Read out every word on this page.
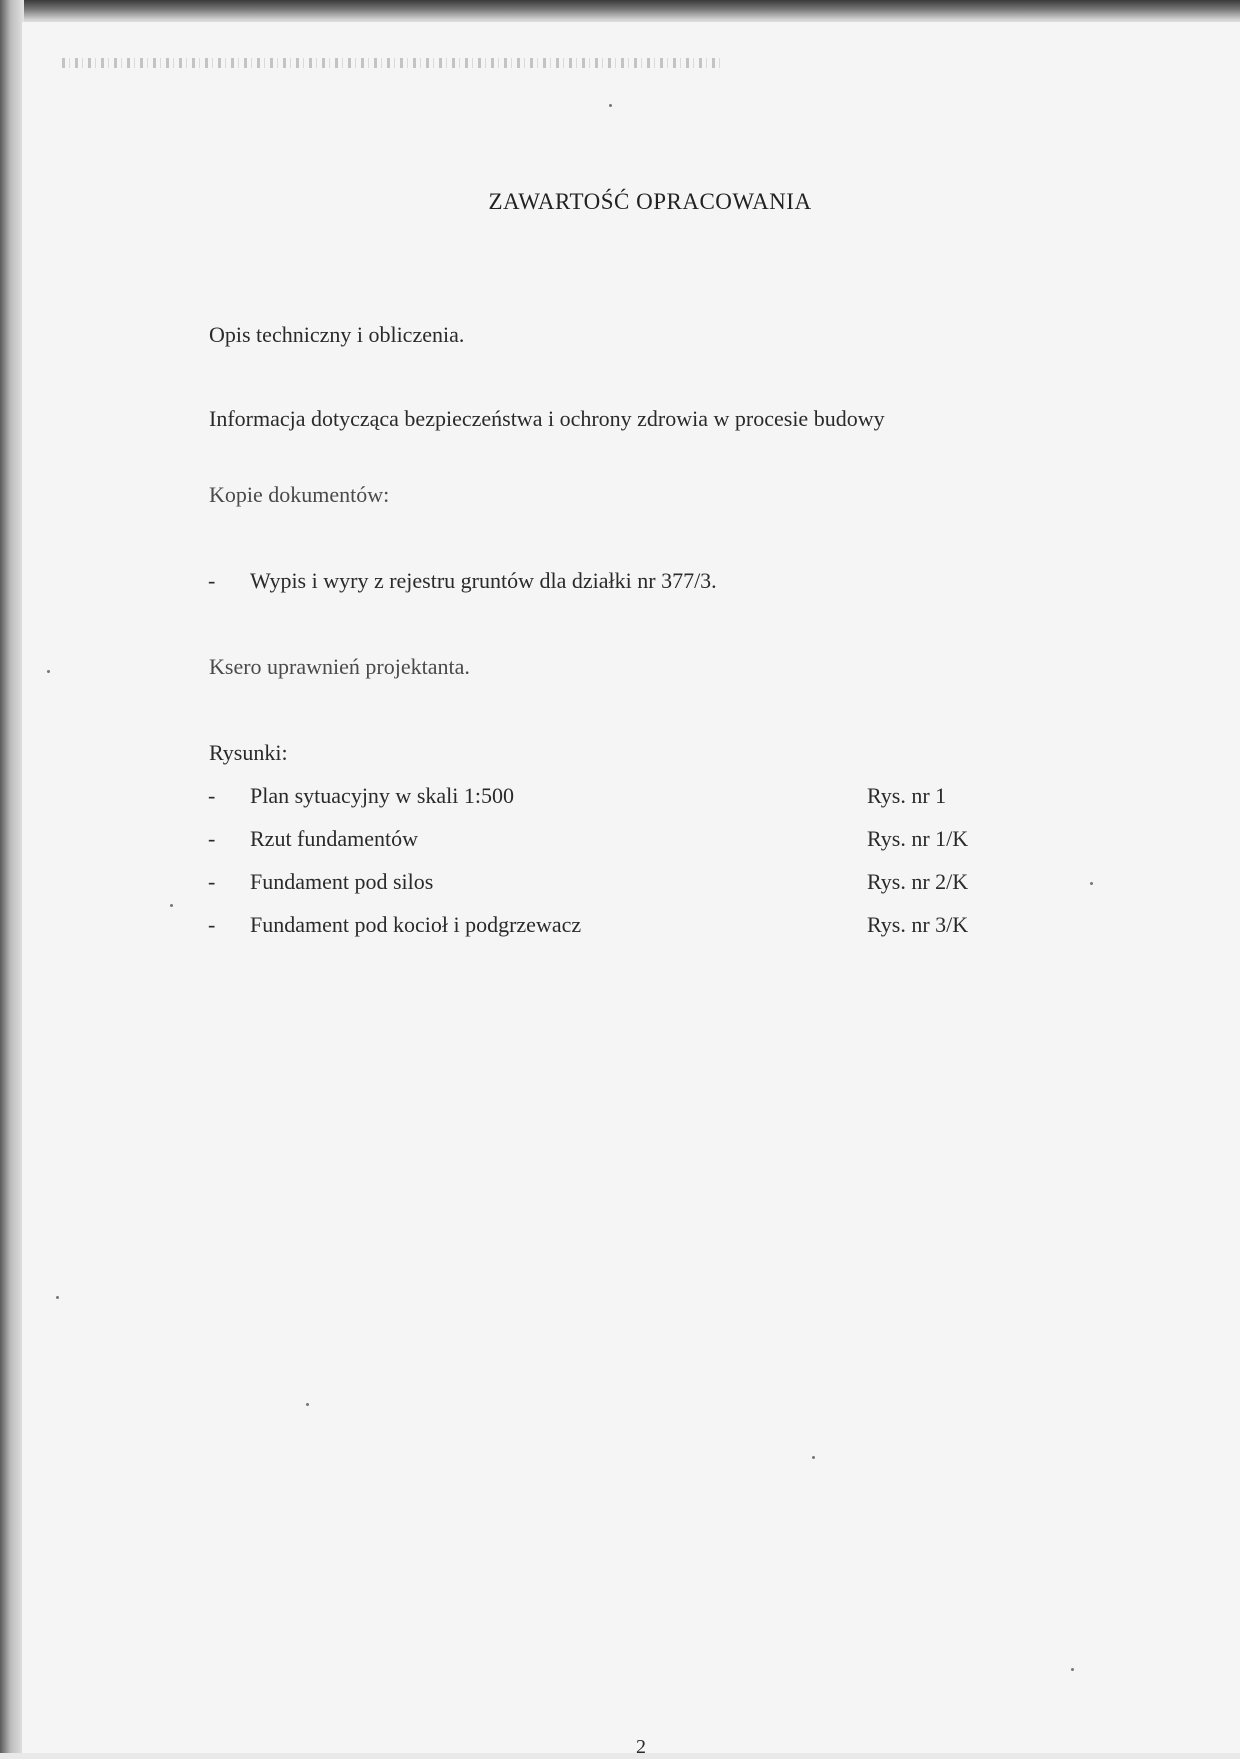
ZAWARTOŚĆ OPRACOWANIA
Opis techniczny i obliczenia.
Informacja dotycząca bezpieczeństwa i ochrony zdrowia w procesie budowy
Kopie dokumentów:
- Wypis i wyry z rejestru gruntów dla działki nr 377/3.
Ksero uprawnień projektanta.
Rysunki:
- Plan sytuacyjny w skali 1:500	Rys. nr 1
- Rzut fundamentów	Rys. nr 1/K
- Fundament pod silos	Rys. nr 2/K
- Fundament pod kocioł i podgrzewacz	Rys. nr 3/K
2
